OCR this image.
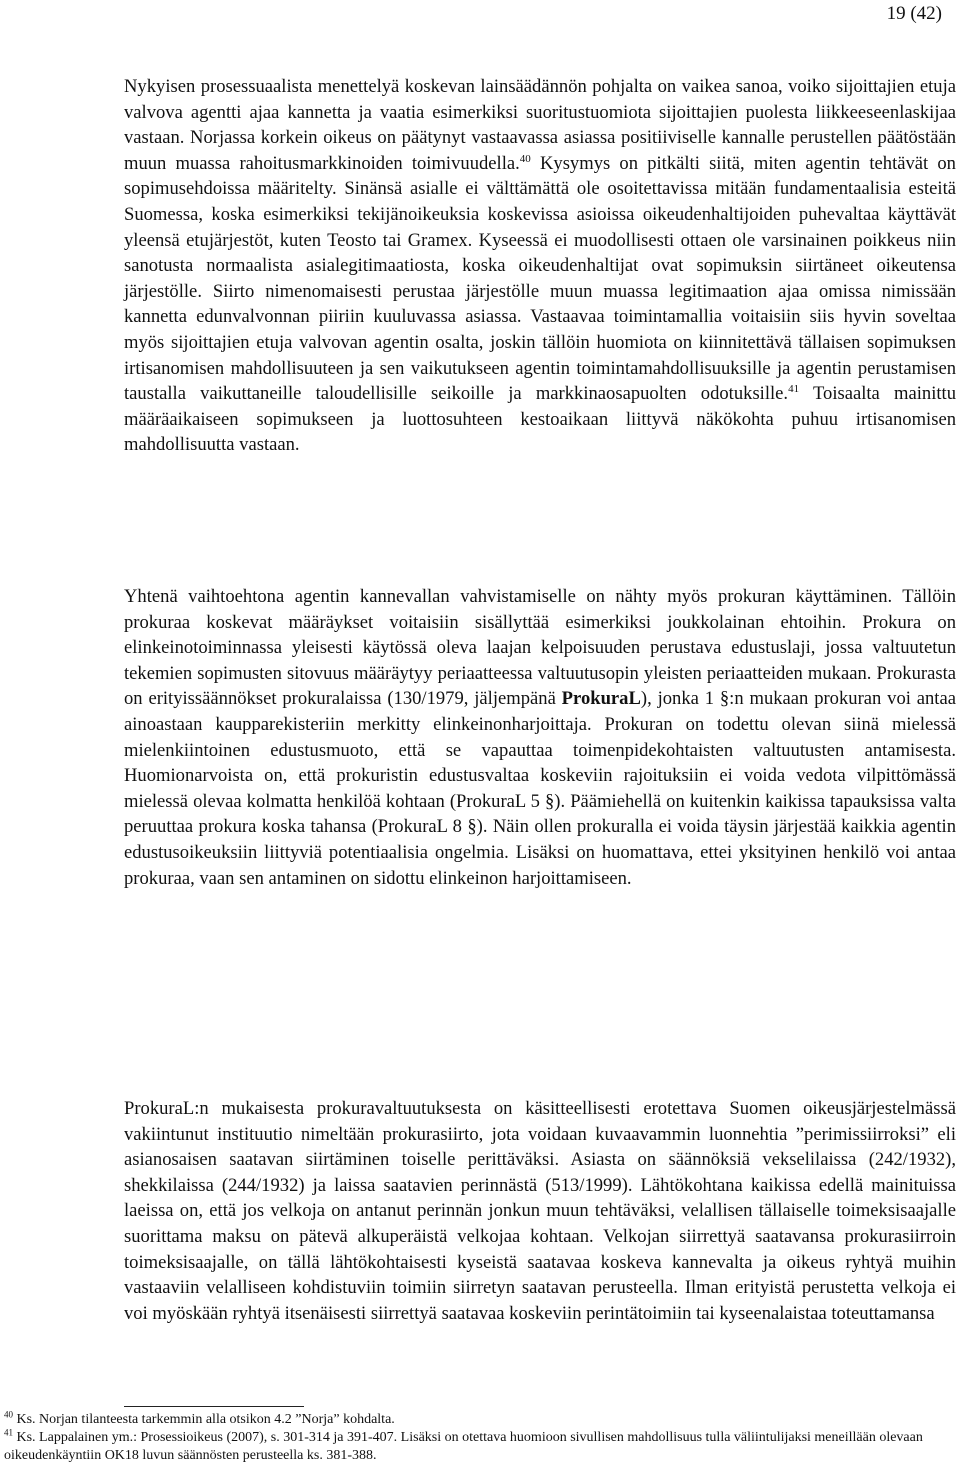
19 (42)

Nykyisen prosessuaalista menettelyä koskevan lainsäädännön pohjalta on vaikea sanoa, voiko sijoittajien etuja valvova agentti ajaa kannetta ja vaatia esimerkiksi suoritustuomiota sijoittajien puolesta liikkeeseenlaskijaa vastaan. Norjassa korkein oikeus on päätynyt vastaavassa asiassa positiiviselle kannalle perustellen päätöstään muun muassa rahoitusmarkkinoiden toimivuudella.$^{40}$ Kysymys on pitkälti siitä, miten agentin tehtävät on sopimusehdoissa määritelty. Sinänsä asialle ei välttämättä ole osoitettavissa mitään fundamentaalisia esteitä Suomessa, koska esimerkiksi tekijänoikeuksia koskevissa asioissa oikeudenhaltijoiden puhevaltaa käyttävät yleensä etujärjestöt, kuten Teosto tai Gramex. Kyseessä ei muodollisesti ottaen ole varsinainen poikkeus niin sanotusta normaalista asialegitimaatiosta, koska oikeudenhaltijat ovat sopimuksin siirtäneet oikeutensa järjestölle. Siirto nimenomaisesti perustaa järjestölle muun muassa legitimaation ajaa omissa nimissään kannetta edunvalvonnan piiriin kuuluvassa asiassa. Vastaavaa toimintamallia voitaisiin siis hyvin soveltaa myös sijoittajien etuja valvovan agentin osalta, joskin tällöin huomiota on kiinnitettävä tällaisen sopimuksen irtisanomisen mahdollisuuteen ja sen vaikutukseen agentin toimintamahdollisuuksille ja agentin perustamisen taustalla vaikuttaneille taloudellisille seikoille ja markkinaosapuolten odotuksille.$^{41}$ Toisaalta mainittu määräaikaiseen sopimukseen ja luottosuhteen kestoaikaan liittyvä näkökohta puhuu irtisanomisen mahdollisuutta vastaan.

Yhtenä vaihtoehtona agentin kannevallan vahvistamiselle on nähty myös prokuran käyttäminen. Tällöin prokuraa koskevat määräykset voitaisiin sisällyttää esimerkiksi joukkolainan ehtoihin. Prokura on elinkeinotoiminnassa yleisesti käytössä oleva laajan kelpoisuuden perustava edustuslaji, jossa valtuutetun tekemien sopimusten sitovuus määräytyy periaatteessa valtuutusopin yleisten periaatteiden mukaan. Prokurasta on erityissäännökset prokuralaissa (130/1979, jäljempänä ProkuraL), jonka 1 §:n mukaan prokuran voi antaa ainoastaan kaupparekisteriin merkitty elinkeinonharjoittaja. Prokuran on todettu olevan siinä mielessä mielenkiintoinen edustusmuoto, että se vapauttaa toimenpidekohtaisten valtuutusten antamisesta. Huomionarvoista on, että prokuristin edustusvaltaa koskeviin rajoituksiin ei voida vedota vilpittömässä mielessä olevaa kolmatta henkilöä kohtaan (ProkuraL 5 §). Päämiehellä on kuitenkin kaikissa tapauksissa valta peruuttaa prokura koska tahansa (ProkuraL 8 §). Näin ollen prokuralla ei voida täysin järjestää kaikkia agentin edustusoikeuksiin liittyviä potentiaalisia ongelmia. Lisäksi on huomattava, ettei yksityinen henkilö voi antaa prokuraa, vaan sen antaminen on sidottu elinkeinon harjoittamiseen.

ProkuraL:n mukaisesta prokuravaltuutuksesta on käsitteellisesti erotettava Suomen oikeusjärjestelmässä vakiintunut instituutio nimeltään prokurasiirto, jota voidaan kuvaavammin luonnehtia ”perimissiirroksi” eli asianosaisen saatavan siirtäminen toiselle perittäväksi. Asiasta on säännöksiä vekselilaissa (242/1932), shekkilaissa (244/1932) ja laissa saatavien perinnästä (513/1999). Lähtökohtana kaikissa edellä mainituissa laeissa on, että jos velkoja on antanut perinnän jonkun muun tehtäväksi, velallisen tällaiselle toimeksisaajalle suorittama maksu on pätevä alkuperäistä velkojaa kohtaan. Velkojan siirrettyä saatavansa prokurasiirroin toimeksisaajalle, on tällä lähtökohtaisesti kyseistä saatavaa koskeva kannevalta ja oikeus ryhtyä muihin vastaaviin velalliseen kohdistuviin toimiin siirretyn saatavan perusteella. Ilman erityistä perustetta velkoja ei voi myöskään ryhtyä itsenäisesti siirrettyä saatavaa koskeviin perintätoimiin tai kyseenalaistaa toteuttamansa

$^{40}$ Ks. Norjan tilanteesta tarkemmin alla otsikon 4.2 ”Norja” kohdalta.

$^{41}$ Ks. Lappalainen ym.: Prosessioikeus (2007), s. 301-314 ja 391-407. Lisäksi on otettava huomioon sivullisen mahdollisuus tulla väliintulijaksi meneillään olevaan oikeudenkäyntiin OK18 luvun säännösten perusteella ks. 381-388.
